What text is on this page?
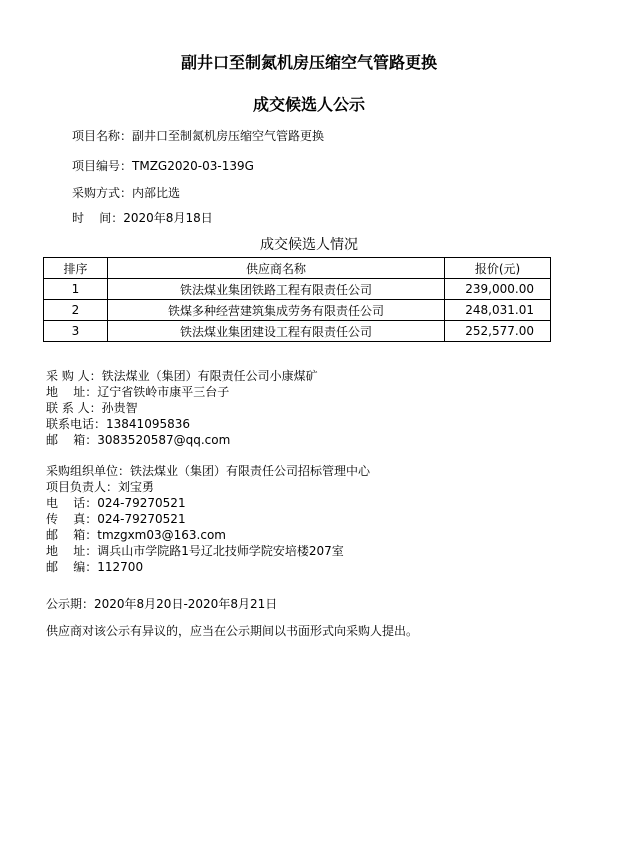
副井口至制氮机房压缩空气管路更换
成交候选人公示
项目名称：副井口至制氮机房压缩空气管路更换
项目编号：TMZG2020-03-139G
采购方式：内部比选
时    间：2020年8月18日
成交候选人情况
排序	供应商名称	报价(元)
1	铁法煤业集团铁路工程有限责任公司	239,000.00
2	铁煤多种经营建筑集成劳务有限责任公司	248,031.01
3	铁法煤业集团建设工程有限责任公司	252,577.00
采 购 人：铁法煤业（集团）有限责任公司小康煤矿
地    址：辽宁省铁岭市康平三台子
联 系 人：孙贵智
联系电话：13841095836
邮    箱：3083520587@qq.com
采购组织单位：铁法煤业（集团）有限责任公司招标管理中心
项目负责人：刘宝勇
电    话：024-79270521
传    真：024-79270521
邮    箱：tmzgxm03@163.com
地    址：调兵山市学院路1号辽北技师学院安培楼207室
邮    编：112700
公示期：2020年8月20日-2020年8月21日
供应商对该公示有异议的，应当在公示期间以书面形式向采购人提出。
